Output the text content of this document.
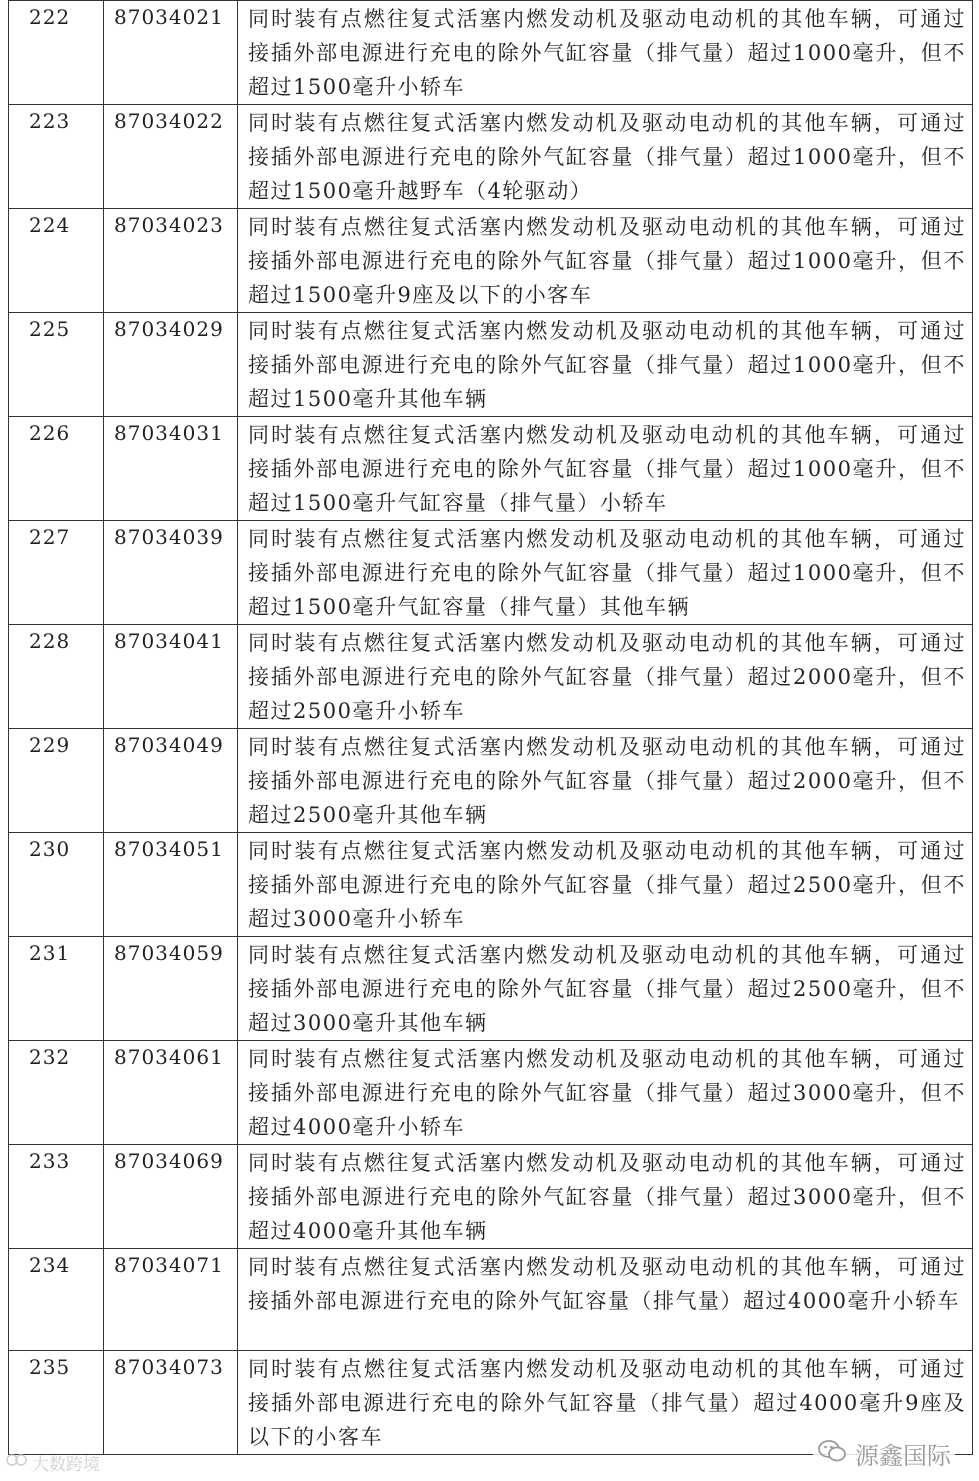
222	87034021	同时装有点燃往复式活塞内燃发动机及驱动电动机的其他车辆，可通过接插外部电源进行充电的除外气缸容量（排气量）超过1000毫升，但不超过1500毫升小轿车
223	87034022	同时装有点燃往复式活塞内燃发动机及驱动电动机的其他车辆，可通过接插外部电源进行充电的除外气缸容量（排气量）超过1000毫升，但不超过1500毫升越野车（4轮驱动）
224	87034023	同时装有点燃往复式活塞内燃发动机及驱动电动机的其他车辆，可通过接插外部电源进行充电的除外气缸容量（排气量）超过1000毫升，但不超过1500毫升9座及以下的小客车
225	87034029	同时装有点燃往复式活塞内燃发动机及驱动电动机的其他车辆，可通过接插外部电源进行充电的除外气缸容量（排气量）超过1000毫升，但不超过1500毫升其他车辆
226	87034031	同时装有点燃往复式活塞内燃发动机及驱动电动机的其他车辆，可通过接插外部电源进行充电的除外气缸容量（排气量）超过1000毫升，但不超过1500毫升气缸容量（排气量）小轿车
227	87034039	同时装有点燃往复式活塞内燃发动机及驱动电动机的其他车辆，可通过接插外部电源进行充电的除外气缸容量（排气量）超过1000毫升，但不超过1500毫升气缸容量（排气量）其他车辆
228	87034041	同时装有点燃往复式活塞内燃发动机及驱动电动机的其他车辆，可通过接插外部电源进行充电的除外气缸容量（排气量）超过2000毫升，但不超过2500毫升小轿车
229	87034049	同时装有点燃往复式活塞内燃发动机及驱动电动机的其他车辆，可通过接插外部电源进行充电的除外气缸容量（排气量）超过2000毫升，但不超过2500毫升其他车辆
230	87034051	同时装有点燃往复式活塞内燃发动机及驱动电动机的其他车辆，可通过接插外部电源进行充电的除外气缸容量（排气量）超过2500毫升，但不超过3000毫升小轿车
231	87034059	同时装有点燃往复式活塞内燃发动机及驱动电动机的其他车辆，可通过接插外部电源进行充电的除外气缸容量（排气量）超过2500毫升，但不超过3000毫升其他车辆
232	87034061	同时装有点燃往复式活塞内燃发动机及驱动电动机的其他车辆，可通过接插外部电源进行充电的除外气缸容量（排气量）超过3000毫升，但不超过4000毫升小轿车
233	87034069	同时装有点燃往复式活塞内燃发动机及驱动电动机的其他车辆，可通过接插外部电源进行充电的除外气缸容量（排气量）超过3000毫升，但不超过4000毫升其他车辆
234	87034071	同时装有点燃往复式活塞内燃发动机及驱动电动机的其他车辆，可通过接插外部电源进行充电的除外气缸容量（排气量）超过4000毫升小轿车
235	87034073	同时装有点燃往复式活塞内燃发动机及驱动电动机的其他车辆，可通过接插外部电源进行充电的除外气缸容量（排气量）超过4000毫升9座及以下的小客车
大数跨境	源鑫国际
